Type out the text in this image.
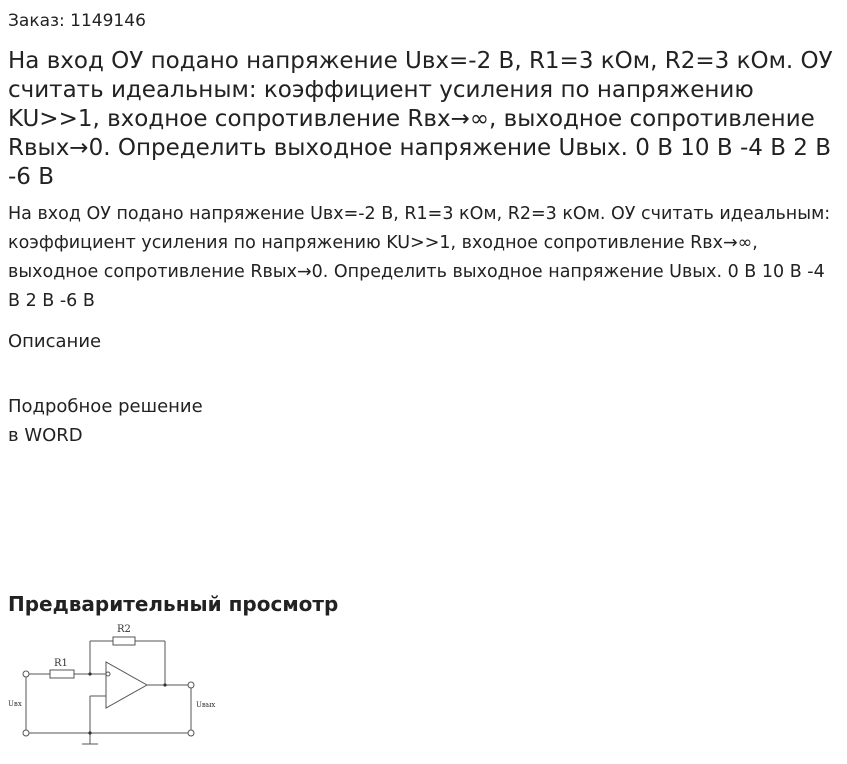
Заказ: 1149146
На вход ОУ подано напряжение Uвх=-2 В, R1=3 кОм, R2=3 кОм. ОУ считать идеальным: коэффициент усиления по напряжению KU>>1, входное сопротивление Rвх→∞, выходное сопротивление Rвых→0. Определить выходное напряжение Uвых. 0 В 10 В -4 В 2 В -6 В

На вход ОУ подано напряжение Uвх=-2 В, R1=3 кОм, R2=3 кОм. ОУ считать идеальным: коэффициент усиления по напряжению KU>>1, входное сопротивление Rвх→∞, выходное сопротивление Rвых→0. Определить выходное напряжение Uвых. 0 В 10 В -4 В 2 В -6 В

Описание
Подробное решение
в WORD
Предварительный просмотр
R1
R2
Uвх	Uвых
